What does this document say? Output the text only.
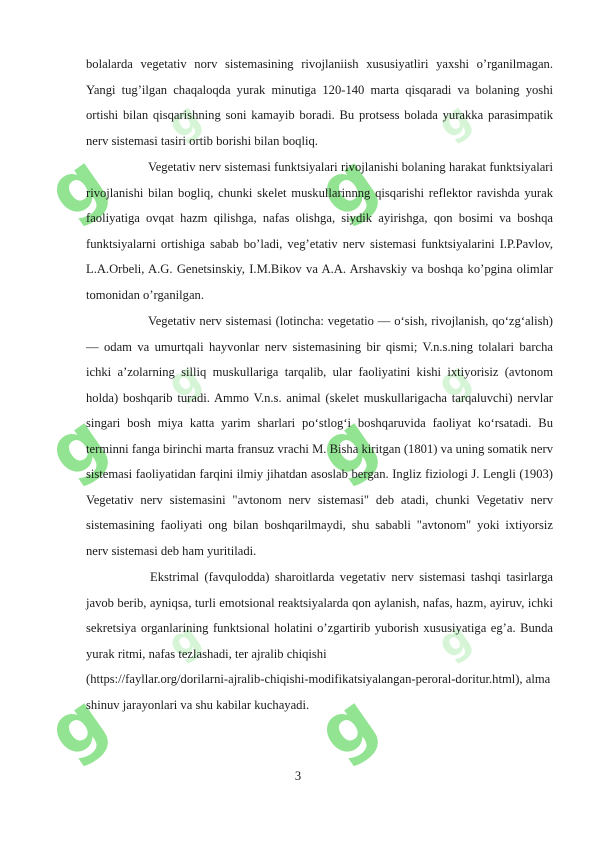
g	g
g	g
g	g
g	g
g	g
g	g

bolalarda vegetativ norv sistemasining rivojlaniish xususiyatliri yaxshi o’rganilmagan. Yangi tug’ilgan chaqaloqda yurak minutiga 120-140 marta qisqaradi va bolaning yoshi ortishi bilan qisqarishning soni kamayib boradi. Bu protsess bolada yurakka parasimpatik nerv sistemasi tasiri ortib borishi bilan boqliq.

Vegetativ nerv sistemasi funktsiyalari rivojlanishi bolaning harakat funktsiyalari rivojlanishi bilan bogliq, chunki skelet muskullarinnng qisqarishi reflektor ravishda yurak faoliyatiga ovqat hazm qilishga, nafas olishga, siydik ayirishga, qon bosimi va boshqa funktsiyalarni ortishiga sabab bo’ladi, veg’etativ nerv sistemasi funktsiyalarini I.P.Pavlov, L.A.Orbeli, A.G. Genetsinskiy, I.M.Bikov va A.A. Arshavskiy va boshqa ko’pgina olimlar tomonidan o’rganilgan.

Vegetativ nerv sistemasi (lotincha: vegetatio — oʻsish, rivojlanish, qoʻzgʻalish) — odam va umurtqali hayvonlar nerv sistemasining bir qismi; V.n.s.ning tolalari barcha ichki aʼzolarning silliq muskullariga tarqalib, ular faoliyatini kishi ixtiyorisiz (avtonom holda) boshqarib turadi. Ammo V.n.s. animal (skelet muskullarigacha tarqaluvchi) nervlar singari bosh miya katta yarim sharlari poʻstlogʻi boshqaruvida faoliyat koʻrsatadi. Bu terminni fanga birinchi marta fransuz vrachi M. Bisha kiritgan (1801) va uning somatik nerv sistemasi faoliyatidan farqini ilmiy jihatdan asoslab bergan. Ingliz fiziologi J. Lengli (1903) Vegetativ nerv sistemasini "avtonom nerv sistemasi" deb atadi, chunki Vegetativ nerv sistemasining faoliyati ong bilan boshqarilmaydi, shu sababli "avtonom" yoki ixtiyorsiz nerv sistemasi deb ham yuritiladi.

Ekstrimal (favqulodda) sharoitlarda vegetativ nerv sistemasi tashqi tasirlarga javob berib, ayniqsa, turli emotsional reaktsiyalarda qon aylanish, nafas, hazm, ayiruv, ichki sekretsiya organlarining funktsional holatini o’zgartirib yuborish xususiyatiga eg’a. Bunda yurak ritmi, nafas tezlashadi, ter ajralib chiqishi

(https://fayllar.org/dorilarni-ajralib-chiqishi-modifikatsiyalangan-peroral-doritur.html), almashinuv jarayonlari va shu kabilar kuchayadi.

3
